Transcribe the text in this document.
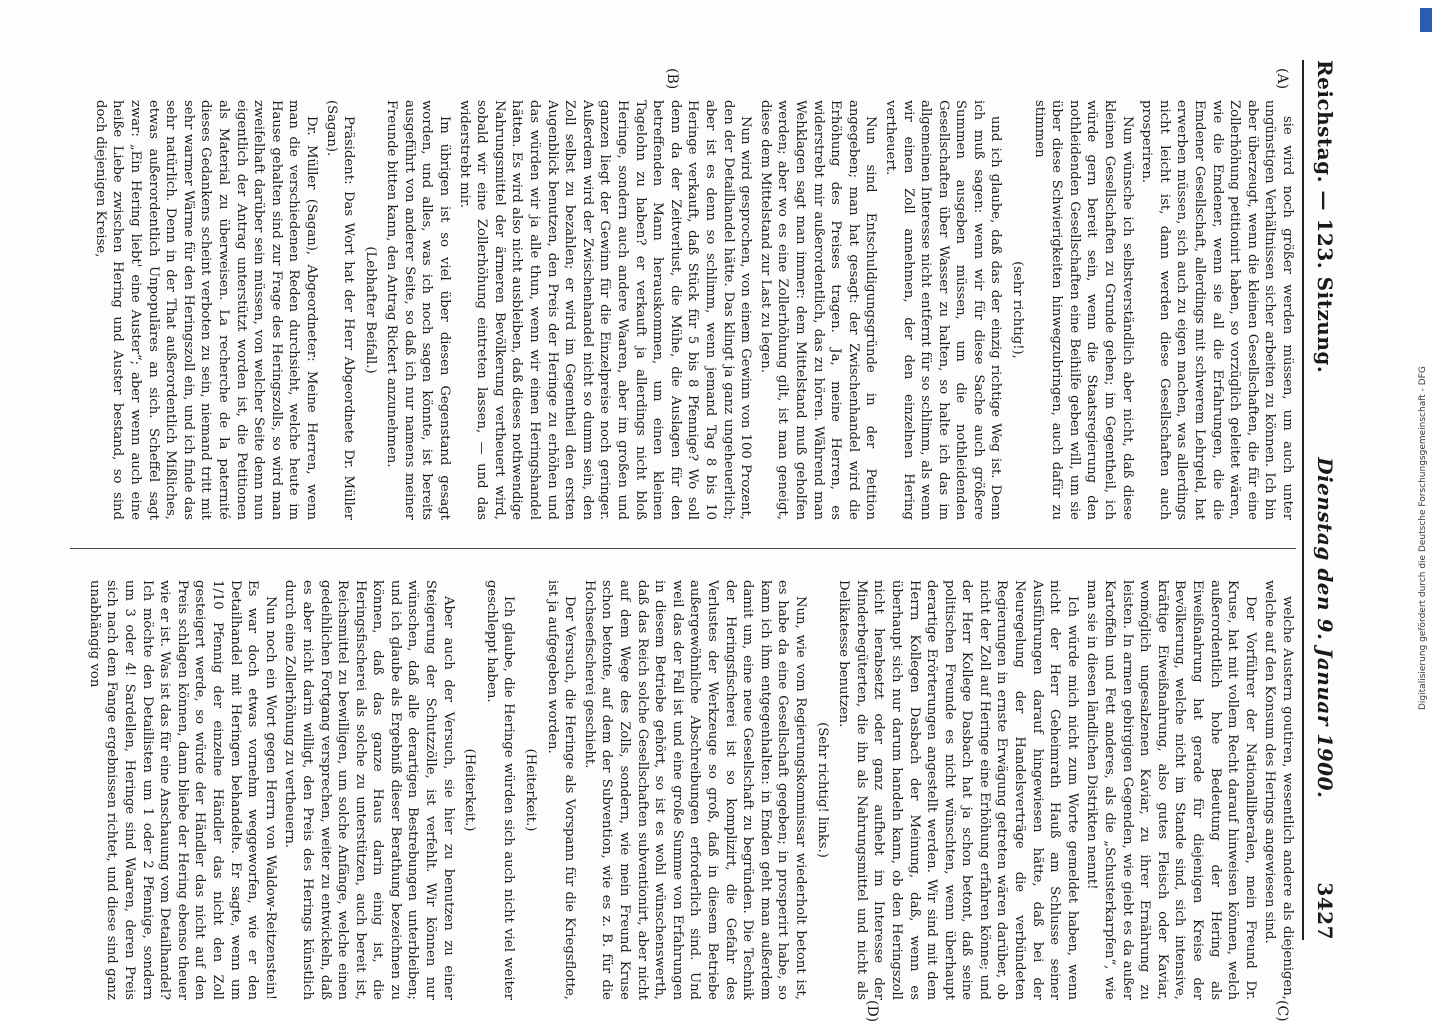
Reichstag. — 123. Sitzung.
Dienstag den 9. Januar 1900.
3427
(A)
(B)
(C)
(D)

sie wird noch größer werden müssen, um auch unter ungünstigen Verhältnissen sicher arbeiten zu können. Ich bin aber überzeugt, wenn die kleinen Gesellschaften, die für eine Zollerhöhung petitionirt haben, so vorzüglich geleitet wären, wie die Emdener, wenn sie all die Erfahrungen, die die Emdener Gesellschaft, allerdings mit schwerem Lehrgeld, hat erwerben müssen, sich auch zu eigen machen, was allerdings nicht leicht ist, dann werden diese Gesellschaften auch prosperiren.

Nun wünsche ich selbstverständlich aber nicht, daß diese kleinen Gesellschaften zu Grunde gehen; im Gegentheil, ich würde gern bereit sein, wenn die Staatsregierung den nothleidenden Gesellschaften eine Beihilfe geben will, um sie über diese Schwierigkeiten hinwegzubringen, auch dafür zu stimmen

(sehr richtig!),

und ich glaube, daß das der einzig richtige Weg ist. Denn ich muß sagen: wenn wir für diese Sache auch größere Summen ausgeben müssen, um die nothleidenden Gesellschaften über Wasser zu halten, so halte ich das im allgemeinen Interesse nicht entfernt für so schlimm, als wenn wir einen Zoll annehmen, der den einzelnen Hering vertheuert.

Nun sind Entschuldigungsgründe in der Petition angegeben; man hat gesagt: der Zwischenhandel wird die Erhöhung des Preises tragen. Ja, meine Herren, es widerstrebt mir außerordentlich, das zu hören. Während man Wehklagen sagt man immer: dem Mittelstand muß geholfen werden; aber wo es eine Zollerhöhung gilt, ist man geneigt, diese dem Mittelstand zur Last zu legen.

Nun wird gesprochen, von einem Gewinn von 100 Prozent, den der Detailhandel hätte. Das klingt ja ganz ungeheuerlich; aber ist es denn so schlimm, wenn jemand Tag 8 bis 10 Heringe verkauft, daß Stück für 5 bis 8 Pfennige? Wo soll denn da der Zeitverlust, die Mühe, die Auslagen für den betreffenden Mann herauskommen, um einen kleinen Tagelohn zu haben? er verkauft ja allerdings nicht bloß Heringe, sondern auch andere Waaren, aber im großen und ganzen liegt der Gewinn für die Einzelpreise noch geringer. Außerdem wird der Zwischenhandel nicht so dumm sein, den Zoll selbst zu bezahlen; er wird im Gegentheil den ersten Augenblick benutzen, den Preis der Heringe zu erhöhen und das würden wir ja alle thun, wenn wir einen Heringshandel hätten. Es wird also nicht ausbleiben, daß dieses nothwendige Nahrungsmittel der ärmeren Bevölkerung vertheuert wird, sobald wir eine Zollerhöhung eintreten lassen, — und das widerstrebt mir.

Im übrigen ist so viel über diesen Gegenstand gesagt worden, und alles, was ich noch sagen könnte, ist bereits ausgeführt von anderer Seite, so daß ich nur namens meiner Freunde bitten kann, den Antrag Rickert anzunehmen.

(Lebhafter Beifall.)

Präsident: Das Wort hat der Herr Abgeordnete Dr. Müller (Sagan).

Dr. Müller (Sagan), Abgeordneter: Meine Herren, wenn man die verschiedenen Reden durchsieht, welche heute im Hause gehalten sind zur Frage des Heringszolls, so wird man zweifelhaft darüber sein müssen, von welcher Seite denn nun eigentlich der Antrag unterstützt worden ist, die Petitionen als Material zu überweisen. La recherche de la paternité dieses Gedankens scheint verboten zu sein, niemand tritt mit sehr warmer Wärme für den Heringszoll ein, und ich finde das sehr natürlich. Denn in der That außerordentlich Mißliches, etwas außerordentlich Unpopuläres an sich. Scheffel sagt zwar: „Ein Hering liebt' eine Auster“; aber wenn auch eine heiße Liebe zwischen Hering und Auster bestand, so sind doch diejenigen Kreise,

welche Austern goutiren, wesentlich andere als diejenigen, welche auf den Konsum des Herings angewiesen sind.

Der Vorführer der Nationalliberalen, mein Freund Dr. Kruse, hat mit vollem Recht darauf hinweisen können, welch außerordentlich hohe Bedeutung der Hering als Eiweißnahrung hat gerade für diejenigen Kreise der Bevölkerung, welche nicht im Stande sind, sich intensive, kräftige Eiweißnahrung, also gutes Fleisch oder Kaviar, womöglich ungesalzenen Kaviar, zu ihrer Ernährung zu leisten. In armen gebirgigen Gegenden, wie giebt es da außer Kartoffeln und Fett anderes, als die „Schusterkarpfen“, wie man sie in diesen ländlichen Distrikten nennt!

Ich würde mich nicht zum Worte gemeldet haben, wenn nicht der Herr Geheimrath Hauß am Schlusse seiner Ausführungen darauf hingewiesen hätte, daß bei der Neuregelung der Handelsverträge die verbündeten Regierungen in ernste Erwägung getreten wären darüber, ob nicht der Zoll auf Heringe eine Erhöhung erfahren könne; und der Herr Kollege Dasbach hat ja schon betont, daß seine politischen Freunde es nicht wünschten, wenn überhaupt derartige Erörterungen angestellt werden. Wir sind mit dem Herrn Kollegen Dasbach der Meinung, daß, wenn es überhaupt sich nur darum handeln kann, ob den Heringszoll nicht herabsetzt oder ganz aufhebt im Interesse der Minderbegüterten, die ihn als Nahrungsmittel und nicht als Delikatesse benutzen.

(Sehr richtig! links.)

Nun, wie vom Regierungskommissar wiederholt betont ist, es habe da eine Gesellschaft gegeben; in prosperirt habe, so kann ich ihm entgegenhalten: in Emden geht man außerdem damit um, eine neue Gesellschaft zu begründen. Die Technik der Heringsfischerei ist so komplizirt, die Gefahr des Verlustes der Werkzeuge so groß, daß in diesem Betriebe außergewöhnliche Abschreibungen erforderlich sind. Und weil das der Fall ist und eine große Summe von Erfahrungen in diesem Betriebe gehört, so ist es wohl wünschenswerth, daß das Reich solche Gesellschaften subventionirt, aber nicht auf dem Wege des Zolls, sondern, wie mein Freund Kruse schon betonte, auf dem der Subvention, wie es z. B. für die Hochseefischerei geschieht.

Der Versuch, die Heringe als Vorspann für die Kriegsflotte, ist ja aufgegeben worden.

(Heiterkeit.)

Ich glaube, die Heringe würden sich auch nicht viel weiter geschleppt haben.

(Heiterkeit.)

Aber auch der Versuch, sie hier zu benutzen zu einer Steigerung der Schutzzölle, ist verfehlt. Wir können nur wünschen, daß alle derartigen Bestrebungen unterbleiben; und ich glaube als Ergebniß dieser Berathung bezeichnen zu können, daß das ganze Haus darin einig ist, die Heringsfischerei als solche zu unterstützen, auch bereit ist, Reichsmittel zu bewilligen, um solche Anfänge, welche einen gedeihlichen Fortgang versprechen, weiter zu entwickeln, daß es aber nicht darin willigt, den Preis des Herings künstlich durch eine Zollerhöhung zu vertheuern.

Nun noch ein Wort gegen Herrn von Waldow-Reitzenstein! Es war doch etwas vornehm weggeworfen, wie er den Detailhandel mit Heringen behandelte. Er sagte, wenn um 1/10 Pfennig der einzelne Händler das nicht den Zoll gesteigert werde, so würde der Händler das nicht auf den Preis schlagen können, dann bliebe der Hering ebenso theuer wie er ist. Was ist das für eine Anschauung vom Detailhandel? Ich möchte den Detaillisten um 1 oder 2 Pfennige, sondern um 3 oder 4! Sardellen, Heringe sind Waaren, deren Preis sich nach dem Fange ergebnissen richtet, und diese sind ganz unabhängig von	Digitalisierung gefördert durch die Deutsche Forschungsgemeinschaft - DFG
